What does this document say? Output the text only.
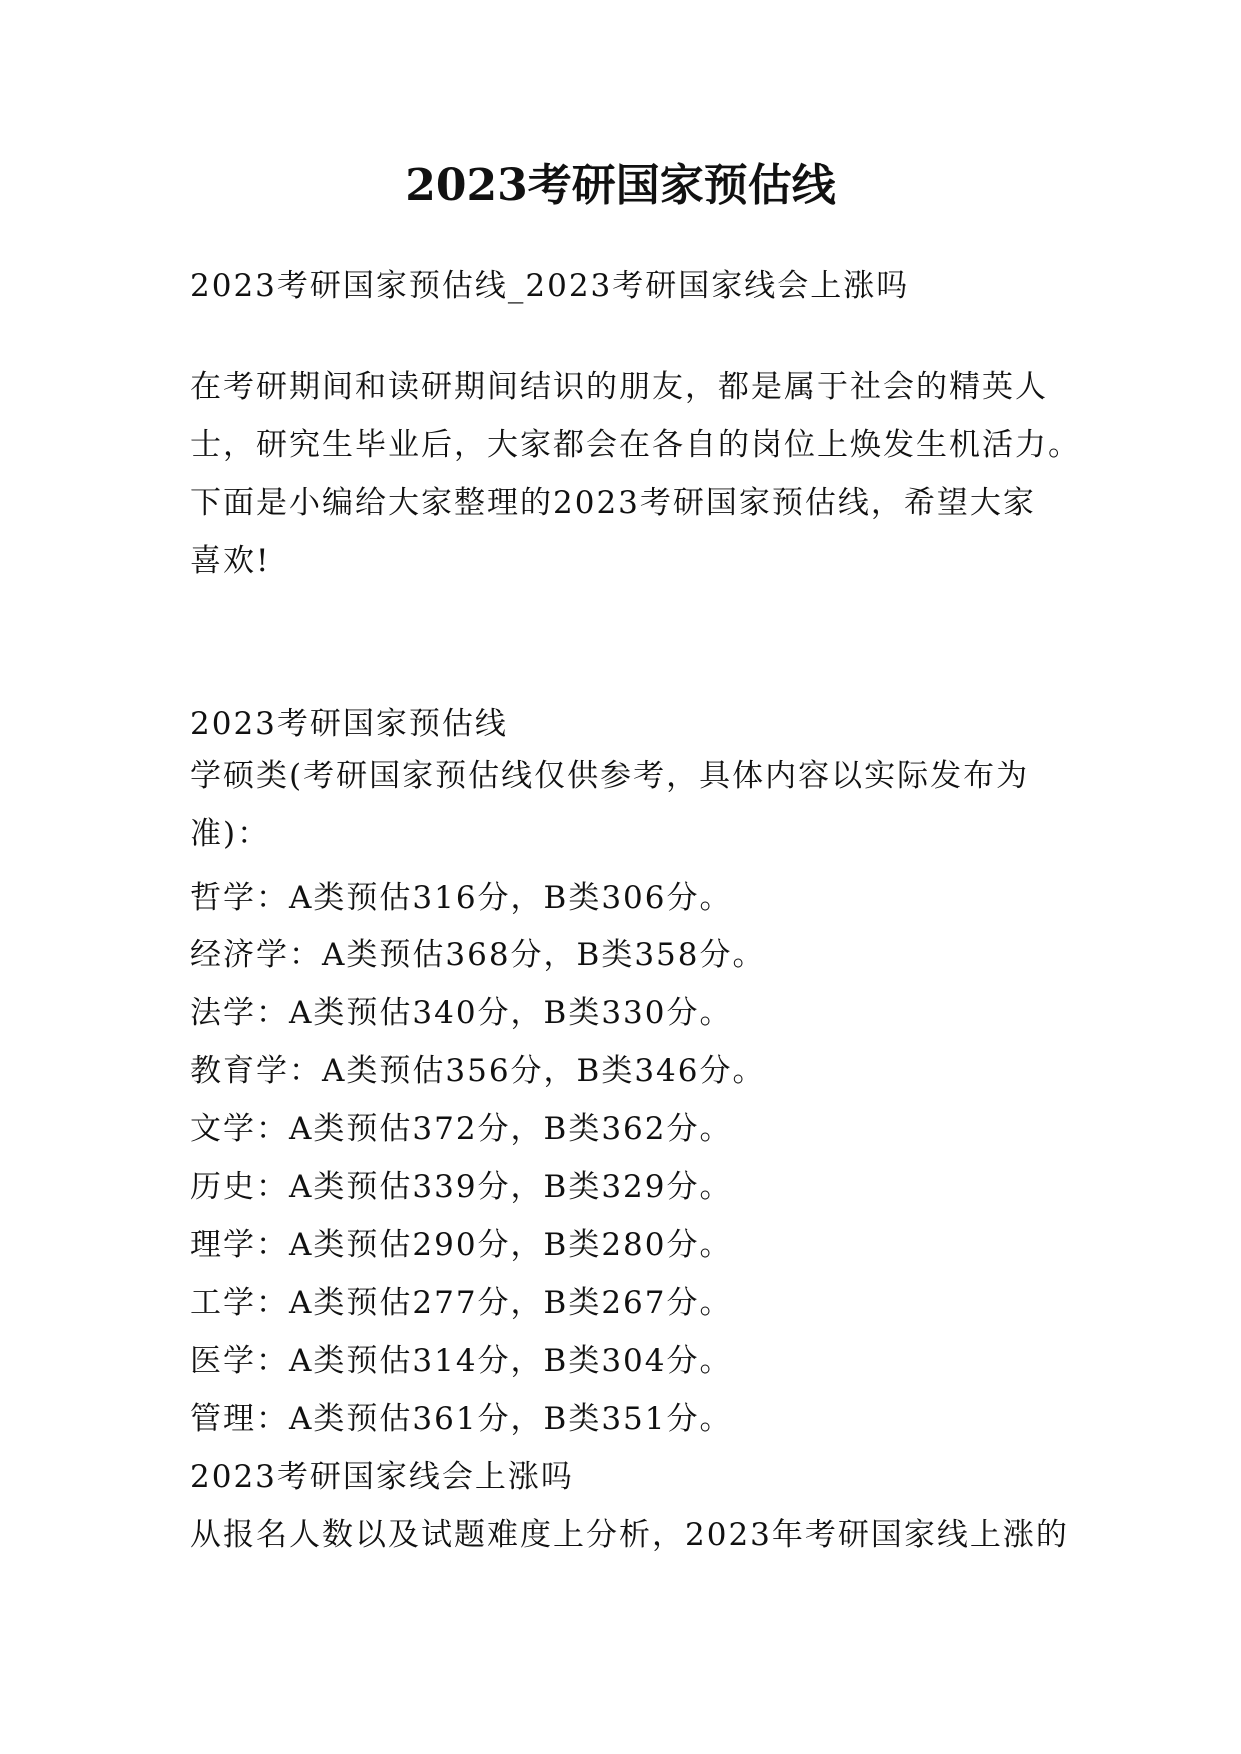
2023考研国家预估线
2023考研国家预估线_2023考研国家线会上涨吗
在考研期间和读研期间结识的朋友，都是属于社会的精英人
士，研究生毕业后，大家都会在各自的岗位上焕发生机活力。
下面是小编给大家整理的2023考研国家预估线，希望大家
喜欢!
2023考研国家预估线
学硕类(考研国家预估线仅供参考，具体内容以实际发布为
准)：
哲学：A类预估316分，B类306分。
经济学：A类预估368分，B类358分。
法学：A类预估340分，B类330分。
教育学：A类预估356分，B类346分。
文学：A类预估372分，B类362分。
历史：A类预估339分，B类329分。
理学：A类预估290分，B类280分。
工学：A类预估277分，B类267分。
医学：A类预估314分，B类304分。
管理：A类预估361分，B类351分。
2023考研国家线会上涨吗
从报名人数以及试题难度上分析，2023年考研国家线上涨的
